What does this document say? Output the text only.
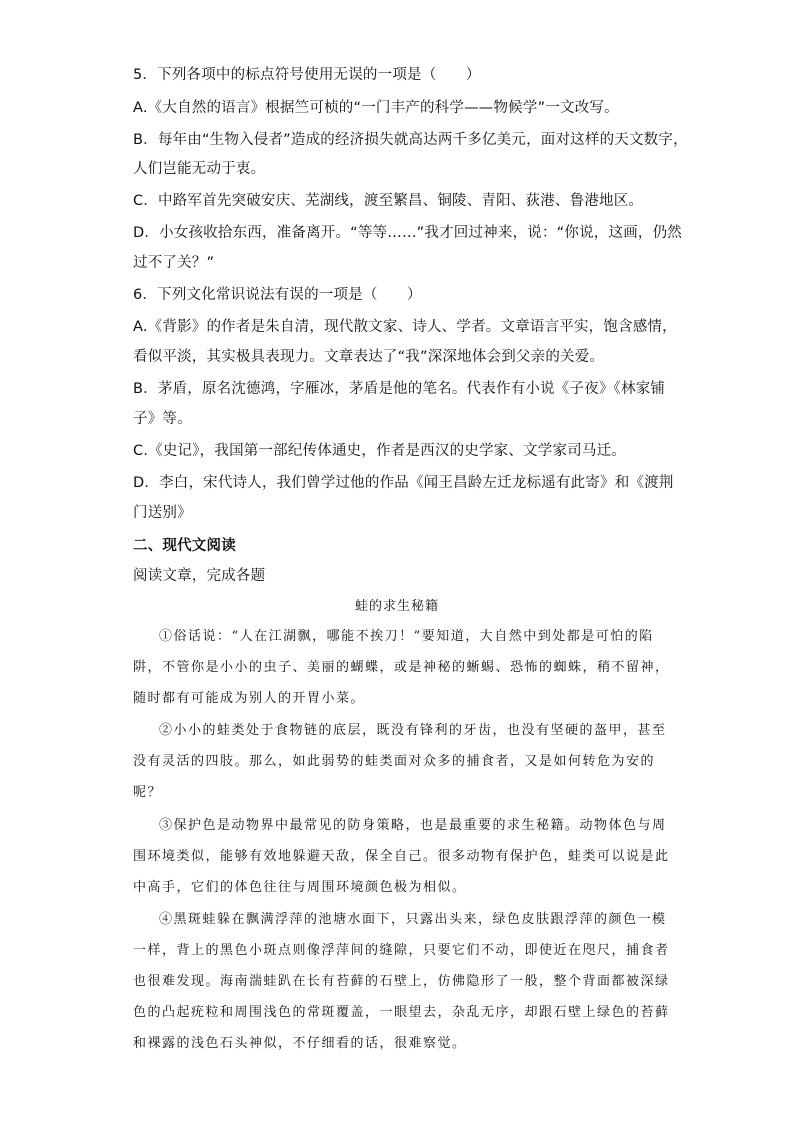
5．下列各项中的标点符号使用无误的一项是（　　）
A.《大自然的语言》根据竺可桢的“一门丰产的科学——物候学”一文改写。
B．每年由“生物入侵者”造成的经济损失就高达两千多亿美元，面对这样的天文数字，
人们岂能无动于衷。
C．中路军首先突破安庆、芜湖线，渡至繁昌、铜陵、青阳、荻港、鲁港地区。
D．小女孩收拾东西，准备离开。“等等……”我才回过神来，说：“你说，这画，仍然
过不了关？”
6．下列文化常识说法有误的一项是（　　）
A.《背影》的作者是朱自清，现代散文家、诗人、学者。文章语言平实，饱含感情，
看似平淡，其实极具表现力。文章表达了“我”深深地体会到父亲的关爱。
B．茅盾，原名沈德鸿，字雁冰，茅盾是他的笔名。代表作有小说《子夜》《林家铺
子》等。
C.《史记》，我国第一部纪传体通史，作者是西汉的史学家、文学家司马迁。
D．李白，宋代诗人，我们曾学过他的作品《闻王昌龄左迁龙标遥有此寄》和《渡荆
门送别》
二、现代文阅读
阅读文章，完成各题
蛙的求生秘籍
①俗话说：“人在江湖飘，哪能不挨刀！”要知道，大自然中到处都是可怕的陷
阱，不管你是小小的虫子、美丽的蝴蝶，或是神秘的蜥蜴、恐怖的蜘蛛，稍不留神，
随时都有可能成为别人的开胃小菜。
②小小的蛙类处于食物链的底层，既没有锋利的牙齿，也没有坚硬的盔甲，甚至
没有灵活的四肢。那么，如此弱势的蛙类面对众多的捕食者，又是如何转危为安的
呢？
③保护色是动物界中最常见的防身策略，也是最重要的求生秘籍。动物体色与周
围环境类似，能够有效地躲避天敌，保全自己。很多动物有保护色，蛙类可以说是此
中高手，它们的体色往往与周围环境颜色极为相似。
④黑斑蛙躲在飘满浮萍的池塘水面下，只露出头来，绿色皮肤跟浮萍的颜色一模
一样，背上的黑色小斑点则像浮萍间的缝隙，只要它们不动，即使近在咫尺，捕食者
也很难发现。海南湍蛙趴在长有苔藓的石壁上，仿佛隐形了一般，整个背面都被深绿
色的凸起疣粒和周围浅色的常斑覆盖，一眼望去，杂乱无序，却跟石壁上绿色的苔藓
和裸露的浅色石头神似，不仔细看的话，很难察觉。
